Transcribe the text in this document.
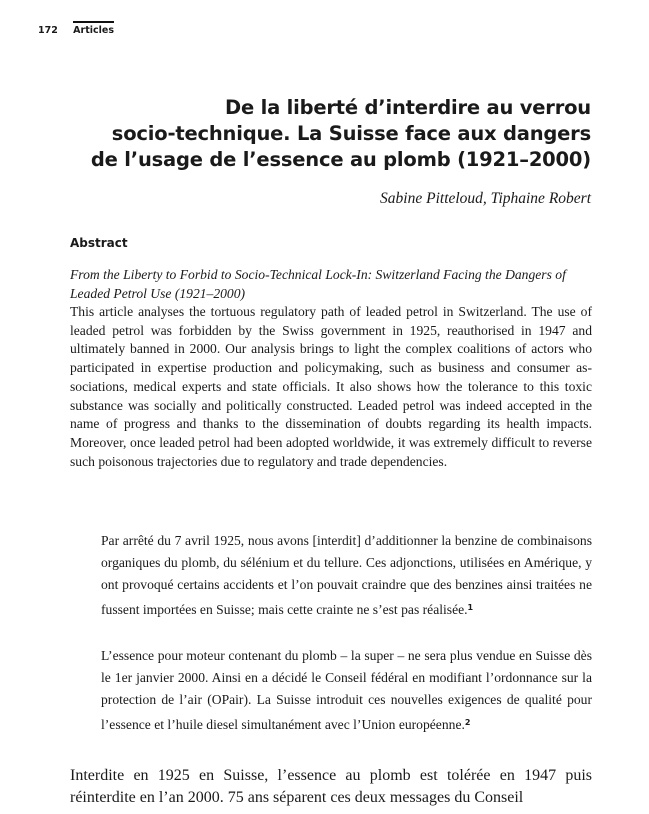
172 Articles
De la liberté d’interdire au verrou
socio-technique. La Suisse face aux dangers
de l’usage de l’essence au plomb (1921–2000)
Sabine Pitteloud, Tiphaine Robert
Abstract
From the Liberty to Forbid to Socio-Technical Lock-In: Switzerland Facing the Dangers of Leaded Petrol Use (1921–2000)
This article analyses the tortuous regulatory path of leaded petrol in Switzerland. The use of leaded petrol was forbidden by the Swiss government in 1925, reauthorised in 1947 and ultimately banned in 2000. Our analysis brings to light the complex coalitions of actors who participated in expertise production and policymaking, such as business and consumer associations, medical experts and state officials. It also shows how the tolerance to this toxic substance was socially and politically constructed. Leaded petrol was indeed accepted in the name of progress and thanks to the dissemination of doubts regarding its health impacts. Moreover, once leaded petrol had been adopted worldwide, it was extremely difficult to reverse such poisonous trajectories due to regulatory and trade dependencies.
Par arrêté du 7 avril 1925, nous avons [interdit] d’additionner la benzine de combinaisons organiques du plomb, du sélénium et du tellure. Ces adjonctions, utilisées en Amérique, y ont provoqué certains accidents et l’on pouvait craindre que des benzines ainsi traitées ne fussent importées en Suisse; mais cette crainte ne s’est pas réalisée.$^1$
L’essence pour moteur contenant du plomb – la super – ne sera plus vendue en Suisse dès le 1er janvier 2000. Ainsi en a décidé le Conseil fédéral en modifiant l’ordonnance sur la protection de l’air (OPair). La Suisse introduit ces nouvelles exigences de qualité pour l’essence et l’huile diesel simultanément avec l’Union européenne.$^2$
Interdite en 1925 en Suisse, l’essence au plomb est tolérée en 1947 puis réinterdite en l’an 2000. 75 ans séparent ces deux messages du Conseil
